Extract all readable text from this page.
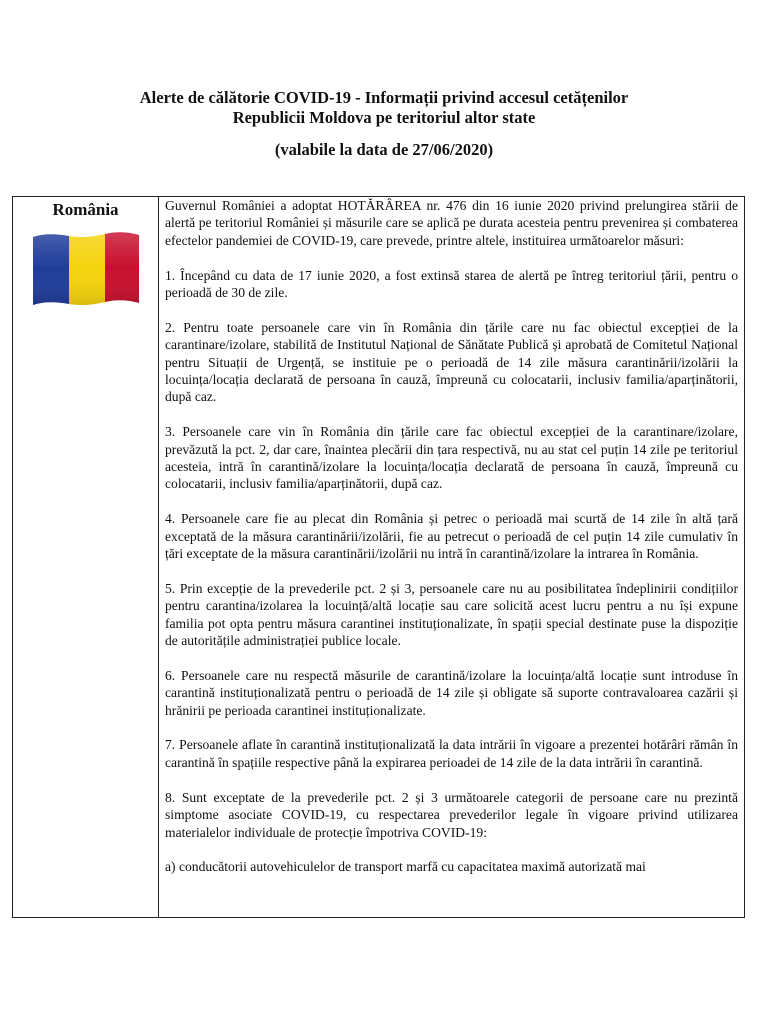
Alerte de călătorie COVID-19 - Informații privind accesul cetățenilor
Republicii Moldova pe teritoriul altor state
(valabile la data de 27/06/2020)
România	Guvernul României a adoptat HOTĂRÂREA nr. 476 din 16 iunie 2020 privind prelungirea stării de alertă pe teritoriul României și măsurile care se aplică pe durata acesteia pentru prevenirea și combaterea efectelor pandemiei de COVID-19, care prevede, printre altele, instituirea următoarelor măsuri:

1. Începând cu data de 17 iunie 2020, a fost extinsă starea de alertă pe întreg teritoriul țării, pentru o perioadă de 30 de zile.

2. Pentru toate persoanele care vin în România din țările care nu fac obiectul excepției de la carantinare/izolare, stabilită de Institutul Național de Sănătate Publică și aprobată de Comitetul Național pentru Situații de Urgență, se instituie pe o perioadă de 14 zile măsura carantinării/izolării la locuința/locația declarată de persoana în cauză, împreună cu colocatarii, inclusiv familia/aparținătorii, după caz.

3. Persoanele care vin în România din țările care fac obiectul excepției de la carantinare/izolare, prevăzută la pct. 2, dar care, înaintea plecării din țara respectivă, nu au stat cel puțin 14 zile pe teritoriul acesteia, intră în carantină/izolare la locuința/locația declarată de persoana în cauză, împreună cu colocatarii, inclusiv familia/aparținătorii, după caz.

4. Persoanele care fie au plecat din România și petrec o perioadă mai scurtă de 14 zile în altă țară exceptată de la măsura carantinării/izolării, fie au petrecut o perioadă de cel puțin 14 zile cumulativ în țări exceptate de la măsura carantinării/izolării nu intră în carantină/izolare la intrarea în România.

5. Prin excepție de la prevederile pct. 2 și 3, persoanele care nu au posibilitatea îndeplinirii condițiilor pentru carantina/izolarea la locuință/altă locație sau care solicită acest lucru pentru a nu își expune familia pot opta pentru măsura carantinei instituționalizate, în spații special destinate puse la dispoziție de autoritățile administrației publice locale.

6. Persoanele care nu respectă măsurile de carantină/izolare la locuința/altă locație sunt introduse în carantină instituționalizată pentru o perioadă de 14 zile și obligate să suporte contravaloarea cazării și hrănirii pe perioada carantinei instituționalizate.

7. Persoanele aflate în carantină instituționalizată la data intrării în vigoare a prezentei hotărâri rămân în carantină în spațiile respective până la expirarea perioadei de 14 zile de la data intrării în carantină.

8. Sunt exceptate de la prevederile pct. 2 și 3 următoarele categorii de persoane care nu prezintă simptome asociate COVID-19, cu respectarea prevederilor legale în vigoare privind utilizarea materialelor individuale de protecție împotriva COVID-19:

a) conducătorii autovehiculelor de transport marfă cu capacitatea maximă autorizată mai
